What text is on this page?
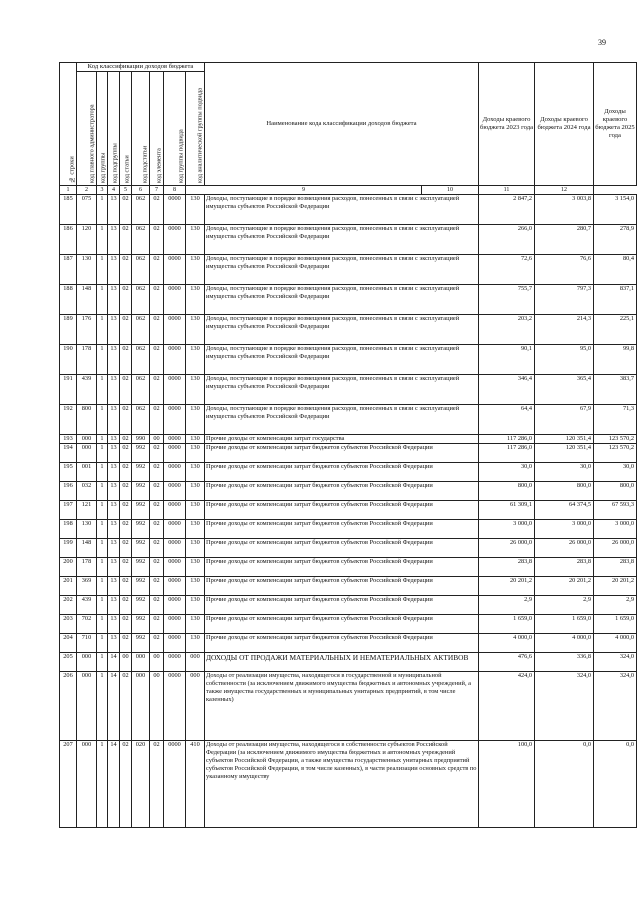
39
№ строки	Код классификации доходов бюджета								Наименование кода классификации доходов бюджета		Доходы краевого бюджета 2023 года	Доходы краевого бюджета 2024 года	Доходы краевого бюджета 2025 года
	код главного администратора	код группы	код подгруппы	код статьи	код подстатьи	код элемента	код группы подвида	код аналитической группы подвида					
1	2	3	4	5	6	7	8	9		10	11	12	
185	075	1	13	02	062	02	0000	130	Доходы, поступающие в порядке возмещения расходов, понесенных в связи с эксплуатацией имущества субъектов Российской Федерации		2 847,2	3 003,8	3 154,0
186	120	1	13	02	062	02	0000	130	Доходы, поступающие в порядке возмещения расходов, понесенных в связи с эксплуатацией имущества субъектов Российской Федерации		266,0	280,7	278,9
187	130	1	13	02	062	02	0000	130	Доходы, поступающие в порядке возмещения расходов, понесенных в связи с эксплуатацией имущества субъектов Российской Федерации		72,6	76,6	80,4
188	148	1	13	02	062	02	0000	130	Доходы, поступающие в порядке возмещения расходов, понесенных в связи с эксплуатацией имущества субъектов Российской Федерации		755,7	797,3	837,1
189	176	1	13	02	062	02	0000	130	Доходы, поступающие в порядке возмещения расходов, понесенных в связи с эксплуатацией имущества субъектов Российской Федерации		203,2	214,3	225,1
190	178	1	13	02	062	02	0000	130	Доходы, поступающие в порядке возмещения расходов, понесенных в связи с эксплуатацией имущества субъектов Российской Федерации		90,1	95,0	99,8
191	439	1	13	02	062	02	0000	130	Доходы, поступающие в порядке возмещения расходов, понесенных в связи с эксплуатацией имущества субъектов Российской Федерации		346,4	365,4	383,7
192	800	1	13	02	062	02	0000	130	Доходы, поступающие в порядке возмещения расходов, понесенных в связи с эксплуатацией имущества субъектов Российской Федерации		64,4	67,9	71,3
193	000	1	13	02	990	00	0000	130	Прочие доходы от компенсации затрат государства		117 286,0	120 351,4	123 570,2
194	000	1	13	02	992	02	0000	130	Прочие доходы от компенсации затрат бюджетов субъектов Российской Федерации		117 286,0	120 351,4	123 570,2
195	001	1	13	02	992	02	0000	130	Прочие доходы от компенсации затрат бюджетов субъектов Российской Федерации		30,0	30,0	30,0
196	032	1	13	02	992	02	0000	130	Прочие доходы от компенсации затрат бюджетов субъектов Российской Федерации		800,0	800,0	800,0
197	121	1	13	02	992	02	0000	130	Прочие доходы от компенсации затрат бюджетов субъектов Российской Федерации		61 309,1	64 374,5	67 593,3
198	130	1	13	02	992	02	0000	130	Прочие доходы от компенсации затрат бюджетов субъектов Российской Федерации		3 000,0	3 000,0	3 000,0
199	148	1	13	02	992	02	0000	130	Прочие доходы от компенсации затрат бюджетов субъектов Российской Федерации		26 000,0	26 000,0	26 000,0
200	178	1	13	02	992	02	0000	130	Прочие доходы от компенсации затрат бюджетов субъектов Российской Федерации		283,8	283,8	283,8
201	369	1	13	02	992	02	0000	130	Прочие доходы от компенсации затрат бюджетов субъектов Российской Федерации		20 201,2	20 201,2	20 201,2
202	439	1	13	02	992	02	0000	130	Прочие доходы от компенсации затрат бюджетов субъектов Российской Федерации		2,9	2,9	2,9
203	702	1	13	02	992	02	0000	130	Прочие доходы от компенсации затрат бюджетов субъектов Российской Федерации		1 659,0	1 659,0	1 659,0
204	710	1	13	02	992	02	0000	130	Прочие доходы от компенсации затрат бюджетов субъектов Российской Федерации		4 000,0	4 000,0	4 000,0
205	000	1	14	00	000	00	0000	000	ДОХОДЫ ОТ ПРОДАЖИ МАТЕРИАЛЬНЫХ И НЕМАТЕРИАЛЬНЫХ АКТИВОВ		476,6	336,8	324,0
206	000	1	14	02	000	00	0000	000	Доходы от реализации имущества, находящегося в государственной и муниципальной собственности (за исключением движимого имущества бюджетных и автономных учреждений, а также имущества государственных и муниципальных унитарных предприятий, в том числе казенных)		424,0	324,0	324,0
207	000	1	14	02	020	02	0000	410	Доходы от реализации имущества, находящегося в собственности субъектов Российской Федерации (за исключением движимого имущества бюджетных и автономных учреждений субъектов Российской Федерации, а также имущества государственных унитарных предприятий субъектов Российской Федерации, в том числе казенных), в части реализации основных средств по указанному имуществу		100,0	0,0	0,0
